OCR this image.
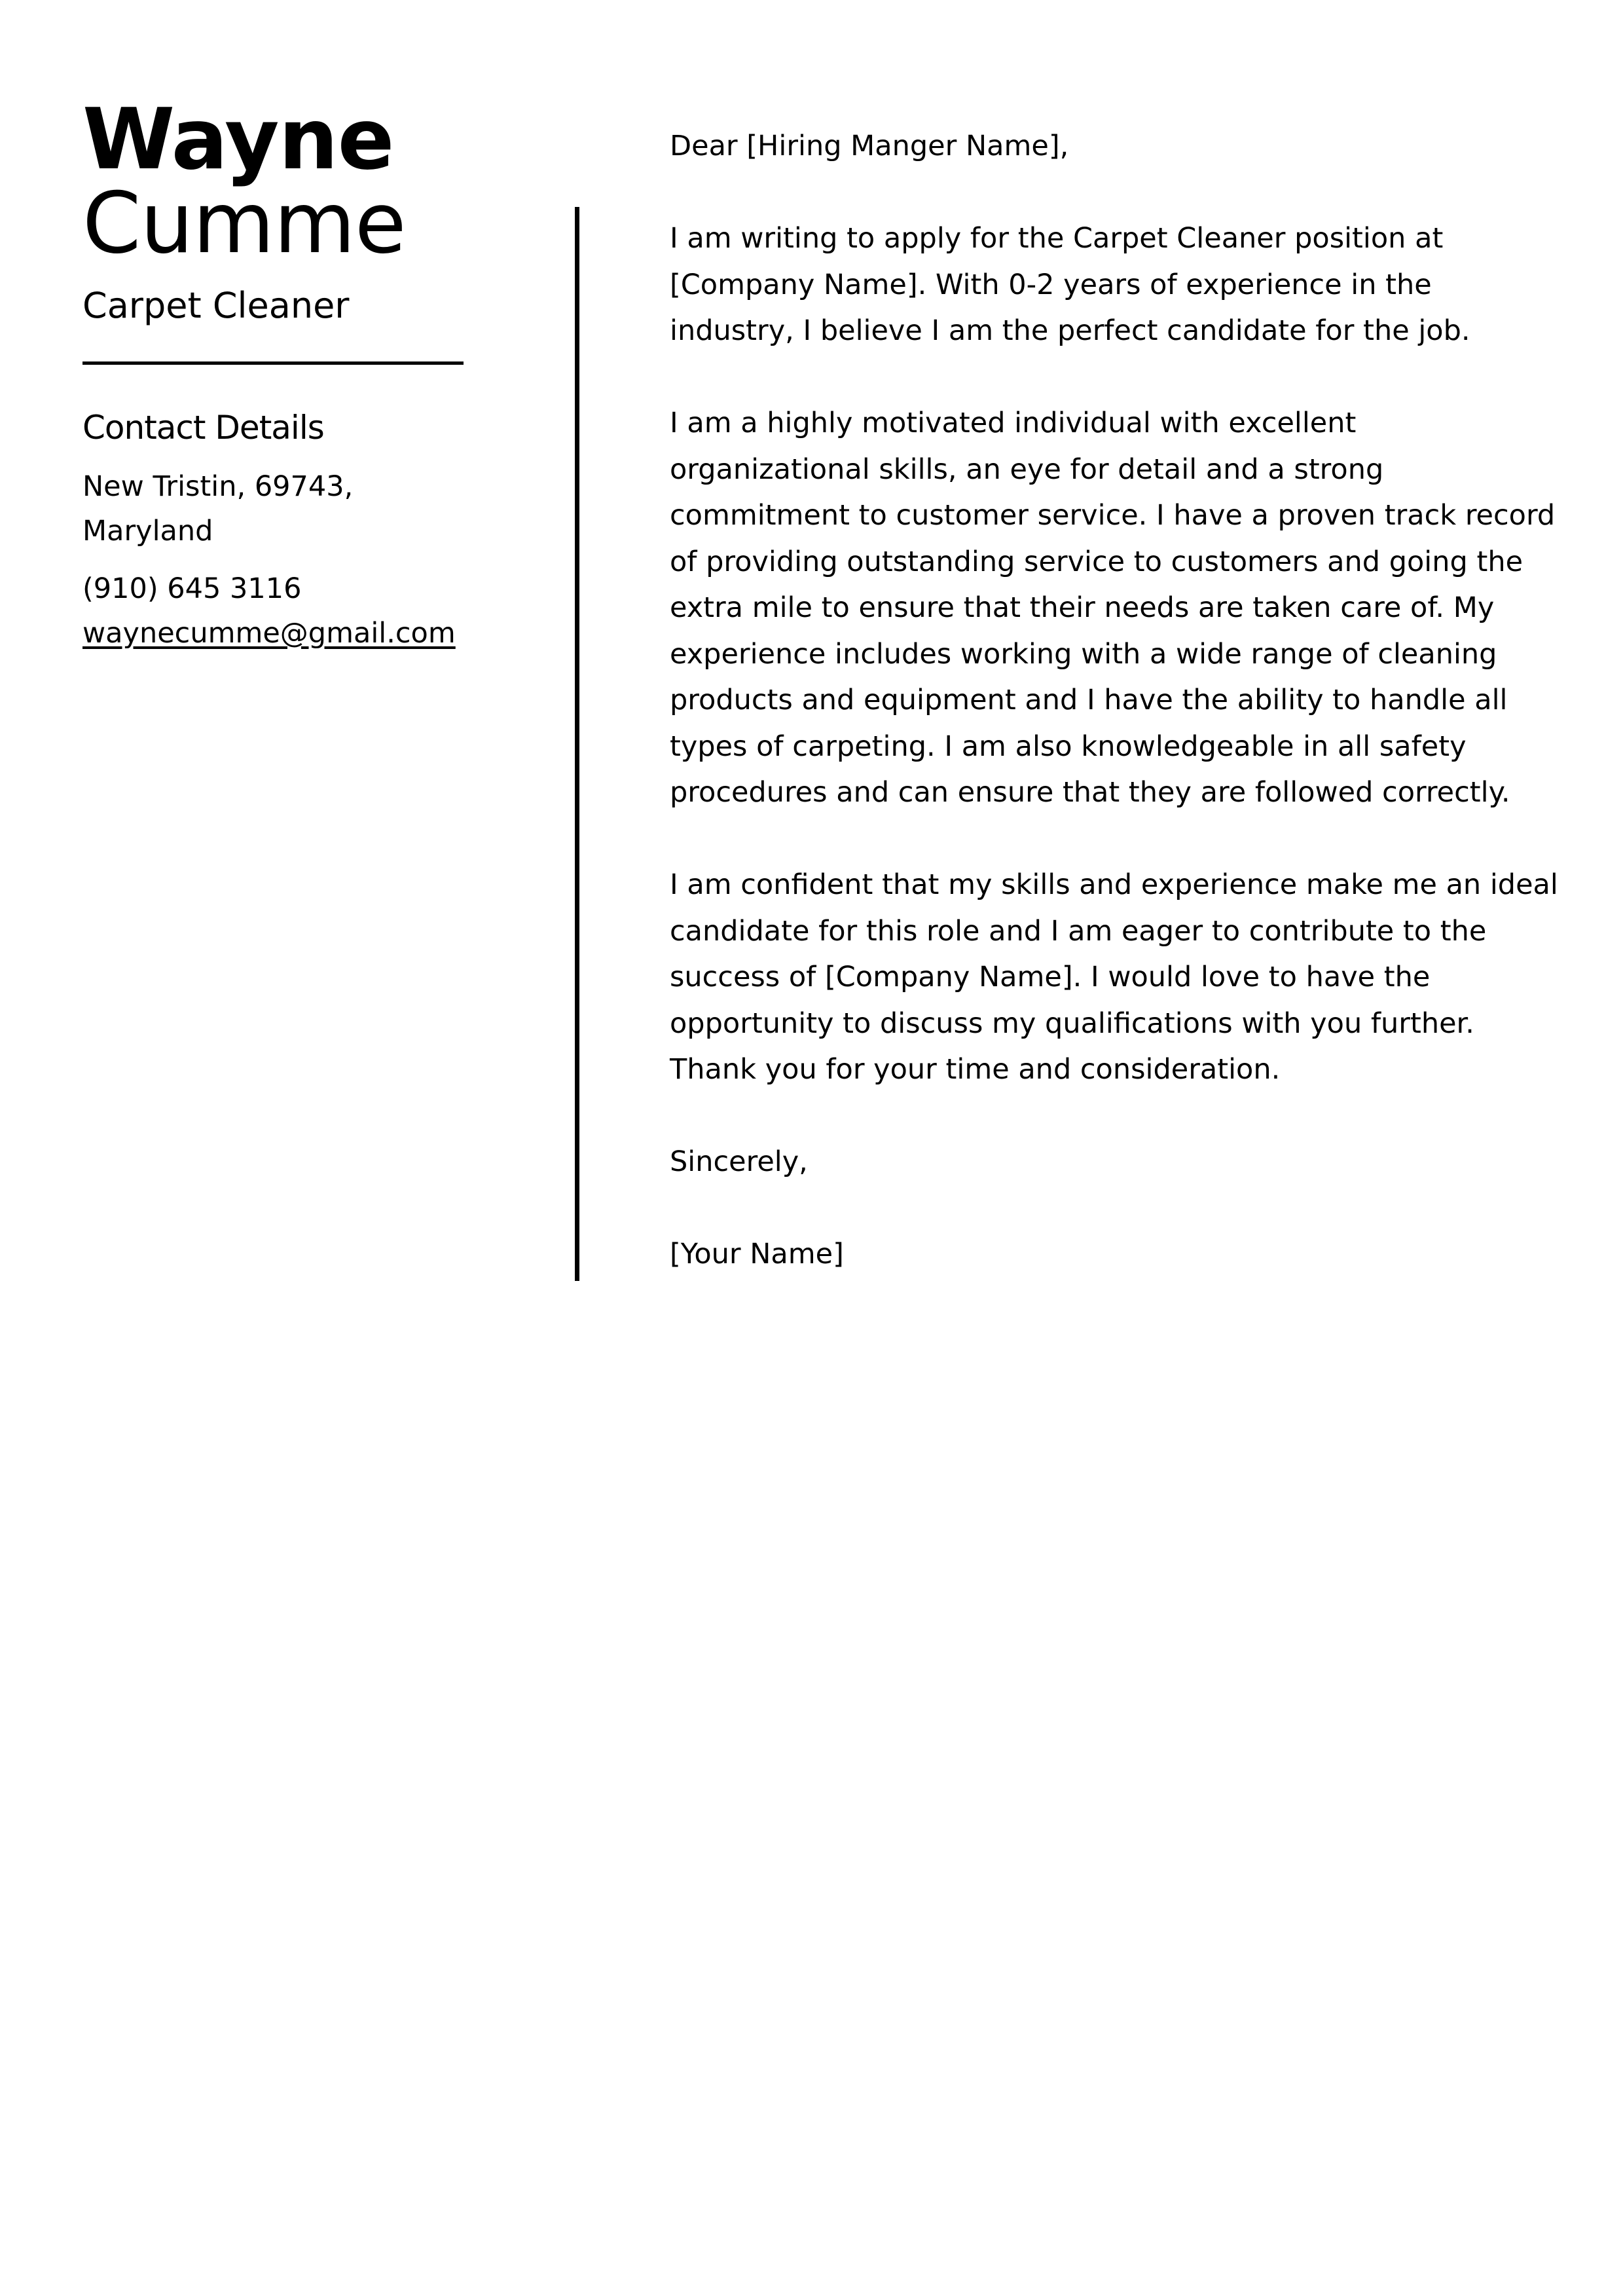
Wayne
Cumme
Carpet Cleaner
Contact Details
New Tristin, 69743,
Maryland
(910) 645 3116
waynecumme@gmail.com

Dear [Hiring Manger Name],

I am writing to apply for the Carpet Cleaner position at [Company Name]. With 0-2 years of experience in the industry, I believe I am the perfect candidate for the job.

I am a highly motivated individual with excellent organizational skills, an eye for detail and a strong commitment to customer service. I have a proven track record of providing outstanding service to customers and going the extra mile to ensure that their needs are taken care of. My experience includes working with a wide range of cleaning products and equipment and I have the ability to handle all types of carpeting. I am also knowledgeable in all safety procedures and can ensure that they are followed correctly.

I am confident that my skills and experience make me an ideal candidate for this role and I am eager to contribute to the success of [Company Name]. I would love to have the opportunity to discuss my qualifications with you further. Thank you for your time and consideration.

Sincerely,

[Your Name]
